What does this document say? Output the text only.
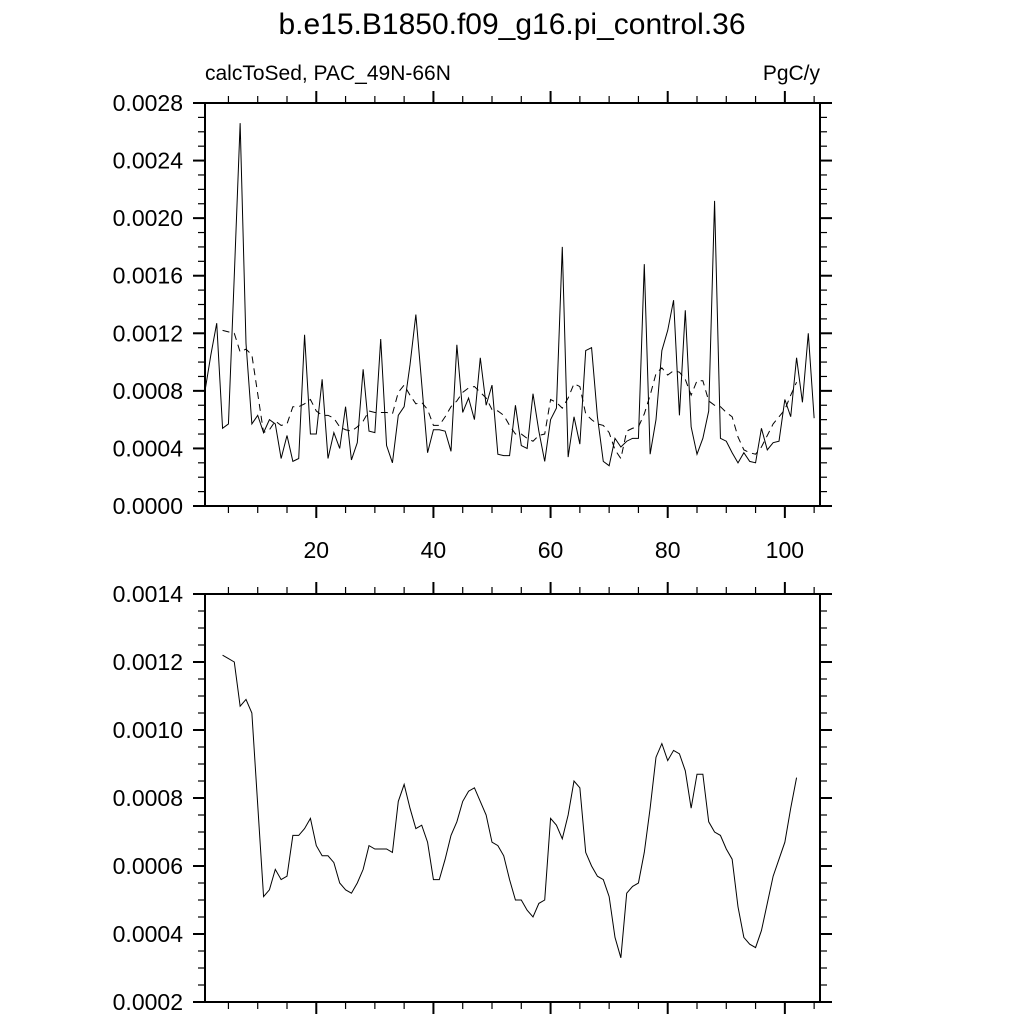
b.e15.B1850.f09_g16.pi_control.36
calcToSed, PAC_49N-66N	PgC/y
20	40	60	80	100
0.0000
0.0004
0.0008
0.0012
0.0016
0.0020
0.0024
0.0028
0.0002
0.0004
0.0006
0.0008
0.0010
0.0012
0.0014
